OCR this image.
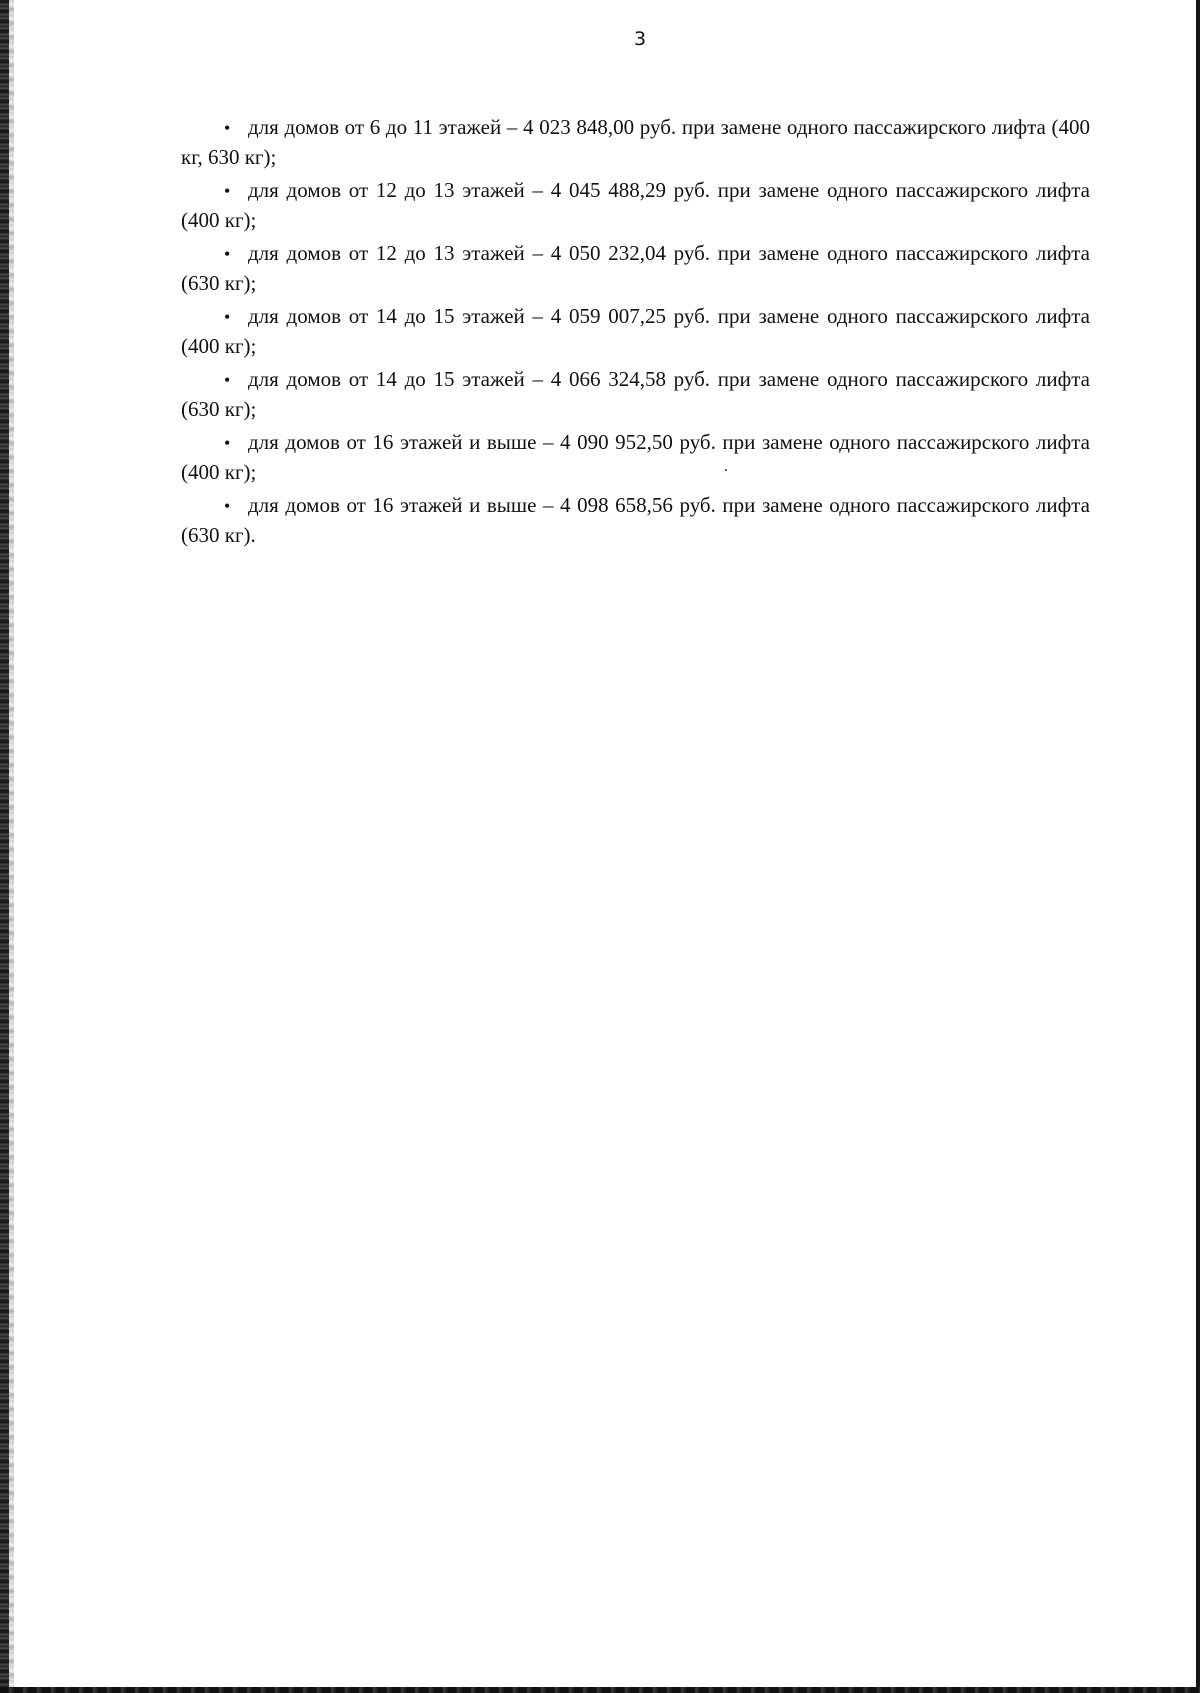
3

• для домов от 6 до 11 этажей – 4 023 848,00 руб. при замене одного пассажирского лифта (400 кг, 630 кг);

• для домов от 12 до 13 этажей – 4 045 488,29 руб. при замене одного пассажирского лифта (400 кг);

• для домов от 12 до 13 этажей – 4 050 232,04 руб. при замене одного пассажирского лифта (630 кг);

• для домов от 14 до 15 этажей – 4 059 007,25 руб. при замене одного пассажирского лифта (400 кг);

• для домов от 14 до 15 этажей – 4 066 324,58 руб. при замене одного пассажирского лифта (630 кг);

• для домов от 16 этажей и выше – 4 090 952,50 руб. при замене одного пассажирского лифта (400 кг);

• для домов от 16 этажей и выше – 4 098 658,56 руб. при замене одного пассажирского лифта (630 кг).
